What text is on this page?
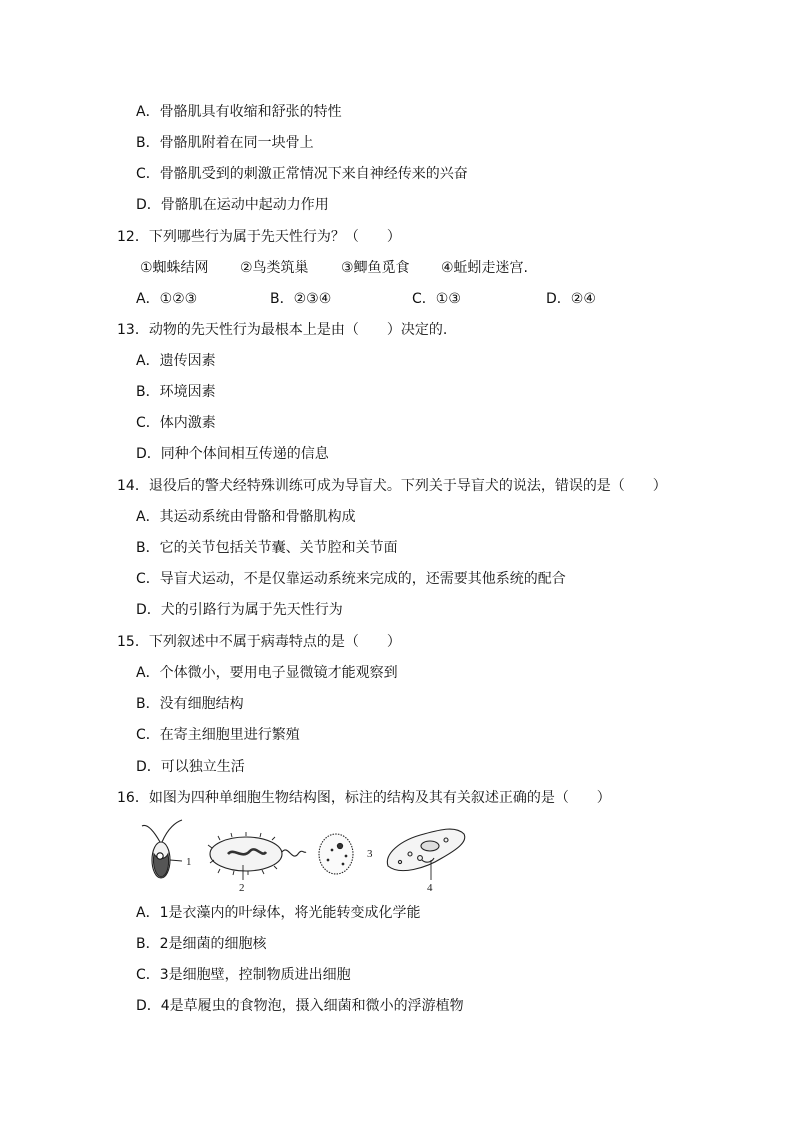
A．骨骼肌具有收缩和舒张的特性
B．骨骼肌附着在同一块骨上
C．骨骼肌受到的刺激正常情况下来自神经传来的兴奋
D．骨骼肌在运动中起动力作用
12．下列哪些行为属于先天性行为？（　　）
①蜘蛛结网 ②鸟类筑巢 ③鲫鱼觅食 ④蚯蚓走迷宫.
A．①②③	B．②③④	C．①③	D．②④
13．动物的先天性行为最根本上是由（　　）决定的.
A．遗传因素
B．环境因素
C．体内激素
D．同种个体间相互传递的信息
14．退役后的警犬经特殊训练可成为导盲犬。下列关于导盲犬的说法，错误的是（　　）
A．其运动系统由骨骼和骨骼肌构成
B．它的关节包括关节囊、关节腔和关节面
C．导盲犬运动，不是仅靠运动系统来完成的，还需要其他系统的配合
D．犬的引路行为属于先天性行为
15．下列叙述中不属于病毒特点的是（　　）
A．个体微小，要用电子显微镜才能观察到
B．没有细胞结构
C．在寄主细胞里进行繁殖
D．可以独立生活
16．如图为四种单细胞生物结构图，标注的结构及其有关叙述正确的是（　　）
1
2
3
4
A．1是衣藻内的叶绿体，将光能转变成化学能
B．2是细菌的细胞核
C．3是细胞壁，控制物质进出细胞
D．4是草履虫的食物泡，摄入细菌和微小的浮游植物
